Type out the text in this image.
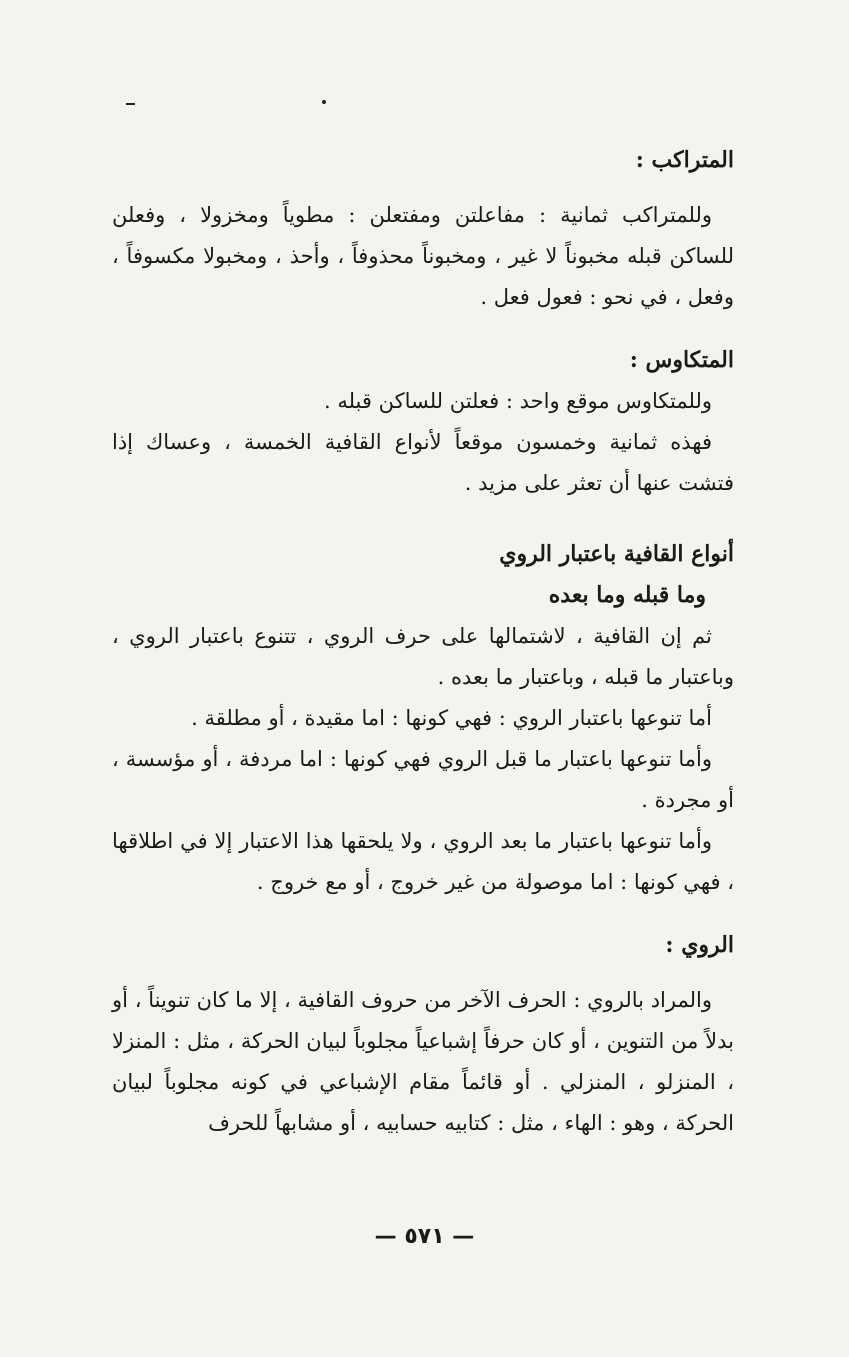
المتراكب :

وللمتراكب ثمانية : مفاعلتن ومفتعلن : مطوياً ومخزولا ، وفعلن للساكن قبله مخبوناً لا غير ، ومخبوناً محذوفاً ، وأحذ ، ومخبولا مكسوفاً ، وفعل ، في نحو : فعول فعل .

المتكاوس :

وللمتكاوس موقع واحد : فعلتن للساكن قبله .

فهذه ثمانية وخمسون موقعاً لأنواع القافية الخمسة ، وعساك إذا فتشت عنها أن تعثر على مزيد .

أنواع القافية باعتبار الروي
وما قبله وما بعده

ثم إن القافية ، لاشتمالها على حرف الروي ، تتنوع باعتبار الروي ، وباعتبار ما قبله ، وباعتبار ما بعده .

أما تنوعها باعتبار الروي : فهي كونها : اما مقيدة ، أو مطلقة .

وأما تنوعها باعتبار ما قبل الروي فهي كونها : اما مردفة ، أو مؤسسة ، أو مجردة .

وأما تنوعها باعتبار ما بعد الروي ، ولا يلحقها هذا الاعتبار إلا في اطلاقها ، فهي كونها : اما موصولة من غير خروج ، أو مع خروج .

الروي :

والمراد بالروي : الحرف الآخر من حروف القافية ، إلا ما كان تنويناً ، أو بدلاً من التنوين ، أو كان حرفاً إشباعياً مجلوباً لبيان الحركة ، مثل : المنزلا ، المنزلو ، المنزلي . أو قائماً مقام الإشباعي في كونه مجلوباً لبيان الحركة ، وهو : الهاء ، مثل : كتابيه حسابيه ، أو مشابهاً للحرف

— ٥٧١ —
